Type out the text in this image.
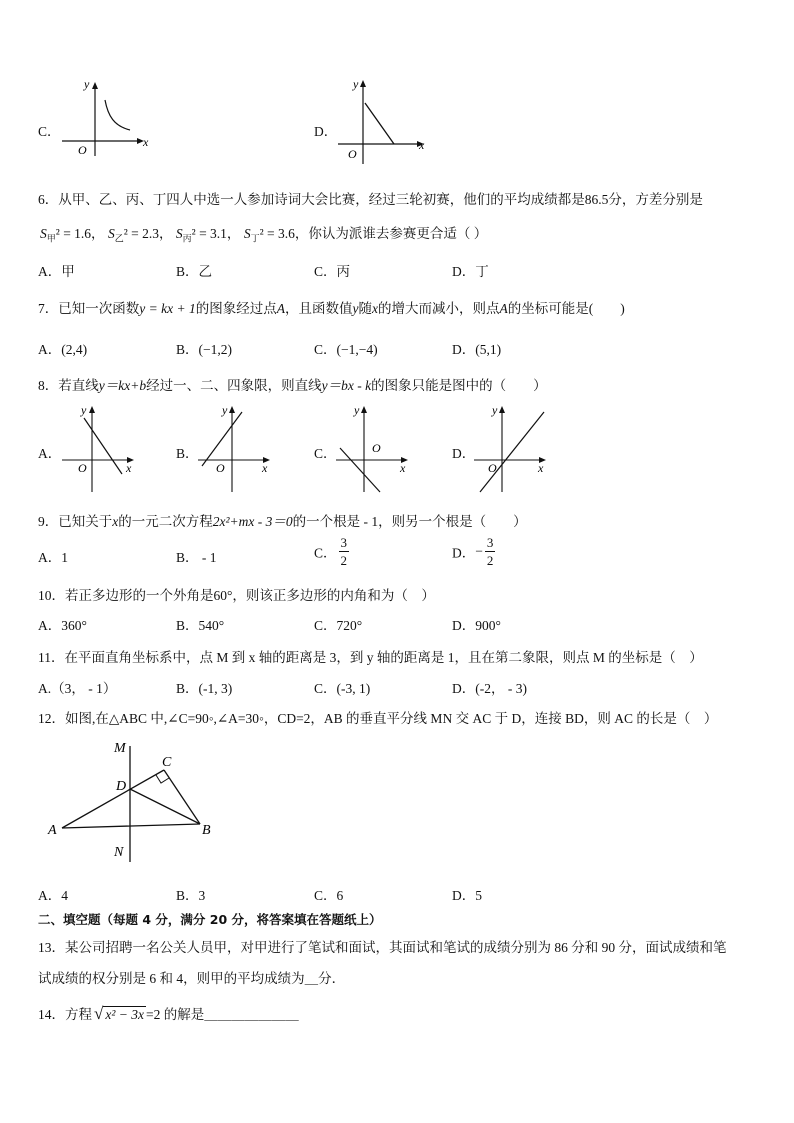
C．
y
x
O
D．
y
x
O
6．从甲、乙、丙、丁四人中选一人参加诗词大会比赛，经过三轮初赛，他们的平均成绩都是86.5分，方差分别是
$S_甲^2 = 1.6$， $S_乙^2 = 2.3$， $S_丙^2 = 3.1$， $S_丁^2 = 3.6$，你认为派谁去参赛更合适（ ）
A．甲	B．乙	C．丙	D．丁
7．已知一次函数y = kx + 1的图象经过点A，且函数值y随x的增大而减小，则点A的坐标可能是(　　)
A．(2,4)	B．(−1,2)	C．(−1,−4)	D．(5,1)
8．若直线y＝kx+b经过一、二、四象限，则直线y＝bx - k的图象只能是图中的（　　）
A．
y
x
O
B．
y
x
O
C．
y
x
O	D．
y
x
O
9．已知关于x的一元二次方程2x²+mx - 3＝0的一个根是 - 1，则另一个根是（　　）
A．1	B． - 1	C． $\frac{3}{2}$	D．− $\frac{3}{2}$
10．若正多边形的一个外角是60°，则该正多边形的内角和为（　）
A．360°	B．540°	C．720°	D．900°
11．在平面直角坐标系中，点 M 到 x 轴的距离是 3，到 y 轴的距离是 1，且在第二象限，则点 M 的坐标是（　）
A.（3， - 1）	B．(-1, 3)	C．(-3, 1)	D．(-2， - 3)
12．如图,在△ABC 中,∠C=90◦,∠A=30◦，CD=2，AB 的垂直平分线 MN 交 AC 于 D，连接 BD，则 AC 的长是（　）
M
C
D
A	B
N
A．4	B．3	C．6	D．5
二、填空题（每题 4 分，满分 20 分，将答案填在答题纸上）
13．某公司招聘一名公关人员甲，对甲进行了笔试和面试，其面试和笔试的成绩分别为 86 分和 90 分，面试成绩和笔
试成绩的权分别是 6 和 4，则甲的平均成绩为＿分．
14．方程 √ x² − 3x =2 的解是＿＿＿＿＿＿＿
